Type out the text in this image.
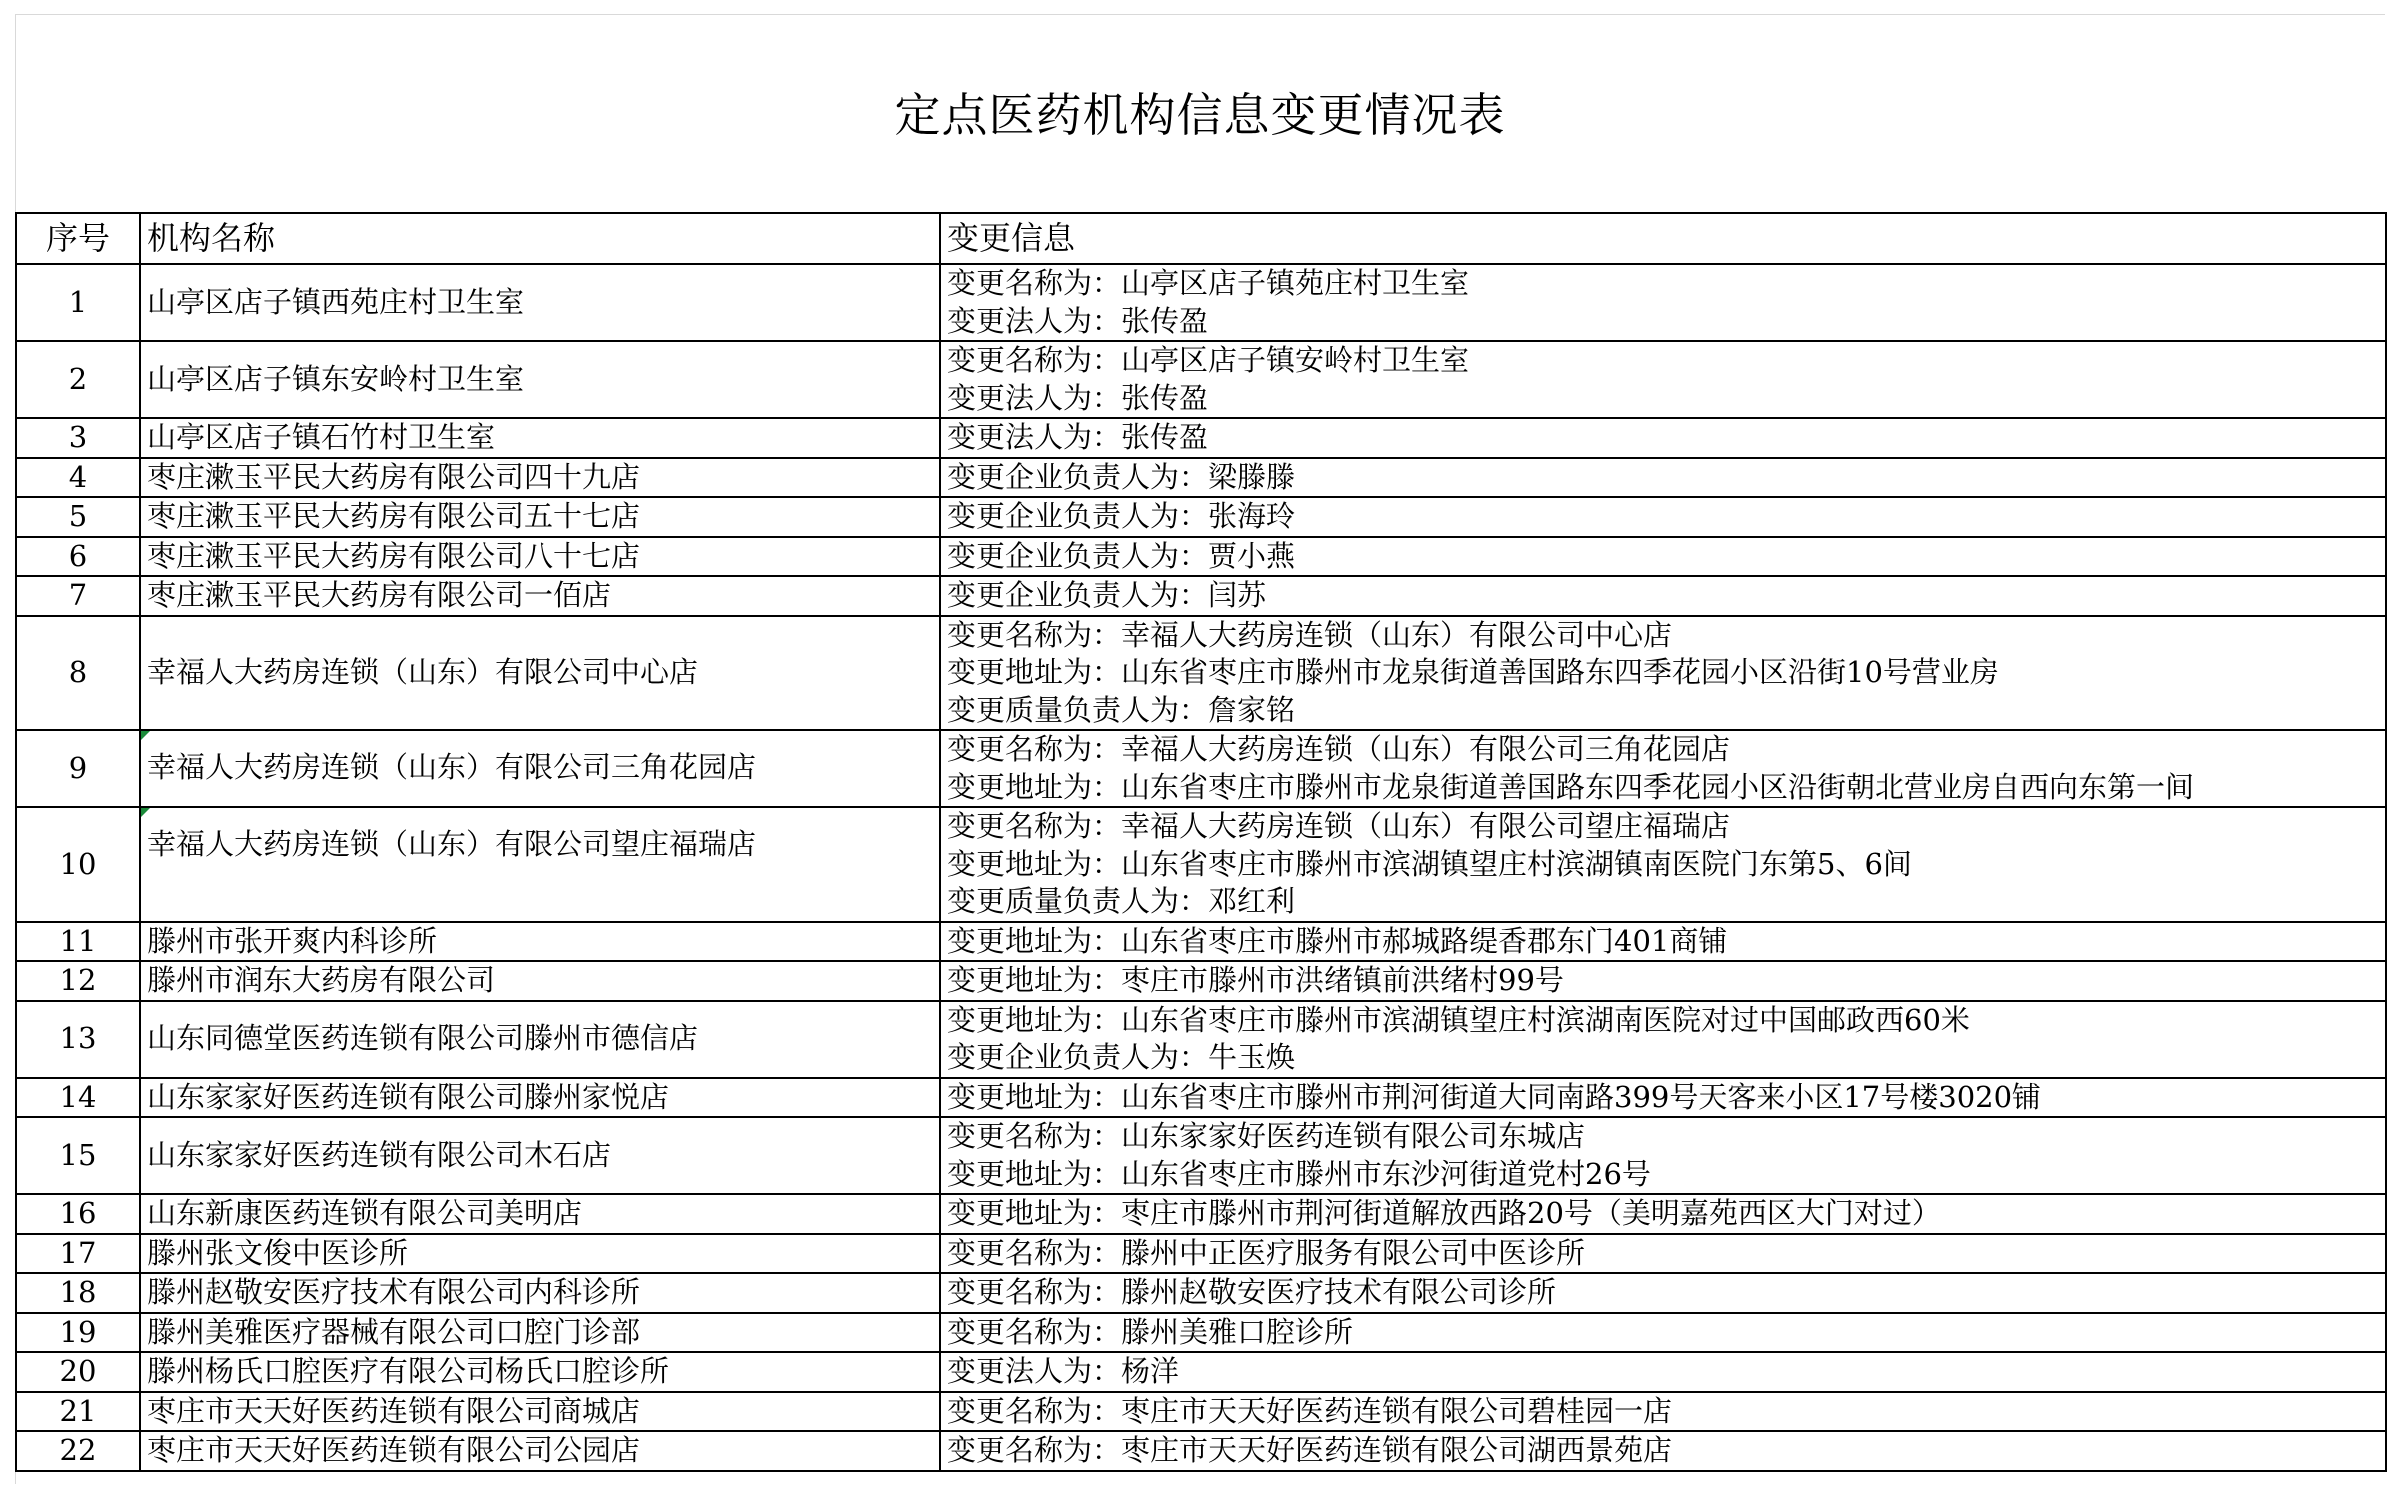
定点医药机构信息变更情况表
序号	机构名称	变更信息
1	山亭区店子镇西苑庄村卫生室	变更名称为：山亭区店子镇苑庄村卫生室
变更法人为：张传盈

2	山亭区店子镇东安岭村卫生室	变更名称为：山亭区店子镇安岭村卫生室
变更法人为：张传盈

3	山亭区店子镇石竹村卫生室	变更法人为：张传盈

4	枣庄漱玉平民大药房有限公司四十九店	变更企业负责人为：梁滕滕

5	枣庄漱玉平民大药房有限公司五十七店	变更企业负责人为：张海玲

6	枣庄漱玉平民大药房有限公司八十七店	变更企业负责人为：贾小燕

7	枣庄漱玉平民大药房有限公司一佰店	变更企业负责人为：闫苏

8	幸福人大药房连锁（山东）有限公司中心店	变更名称为：幸福人大药房连锁（山东）有限公司中心店
变更地址为：山东省枣庄市滕州市龙泉街道善国路东四季花园小区沿街10号营业房
变更质量负责人为：詹家铭

9	幸福人大药房连锁（山东）有限公司三角花园店	变更名称为：幸福人大药房连锁（山东）有限公司三角花园店
变更地址为：山东省枣庄市滕州市龙泉街道善国路东四季花园小区沿街朝北营业房自西向东第一间

10	幸福人大药房连锁（山东）有限公司望庄福瑞店	变更名称为：幸福人大药房连锁（山东）有限公司望庄福瑞店
变更地址为：山东省枣庄市滕州市滨湖镇望庄村滨湖镇南医院门东第5、6间
变更质量负责人为：邓红利

11	滕州市张开爽内科诊所	变更地址为：山东省枣庄市滕州市郝城路缇香郡东门401商铺

12	滕州市润东大药房有限公司	变更地址为：枣庄市滕州市洪绪镇前洪绪村99号

13	山东同德堂医药连锁有限公司滕州市德信店	变更地址为：山东省枣庄市滕州市滨湖镇望庄村滨湖南医院对过中国邮政西60米
变更企业负责人为：牛玉焕

14	山东家家好医药连锁有限公司滕州家悦店	变更地址为：山东省枣庄市滕州市荆河街道大同南路399号天客来小区17号楼3020铺

15	山东家家好医药连锁有限公司木石店	变更名称为：山东家家好医药连锁有限公司东城店
变更地址为：山东省枣庄市滕州市东沙河街道党村26号

16	山东新康医药连锁有限公司美明店	变更地址为：枣庄市滕州市荆河街道解放西路20号（美明嘉苑西区大门对过）

17	滕州张文俊中医诊所	变更名称为：滕州中正医疗服务有限公司中医诊所

18	滕州赵敬安医疗技术有限公司内科诊所	变更名称为：滕州赵敬安医疗技术有限公司诊所

19	滕州美雅医疗器械有限公司口腔门诊部	变更名称为：滕州美雅口腔诊所

20	滕州杨氏口腔医疗有限公司杨氏口腔诊所	变更法人为：杨洋

21	枣庄市天天好医药连锁有限公司商城店	变更名称为：枣庄市天天好医药连锁有限公司碧桂园一店

22	枣庄市天天好医药连锁有限公司公园店	变更名称为：枣庄市天天好医药连锁有限公司湖西景苑店
